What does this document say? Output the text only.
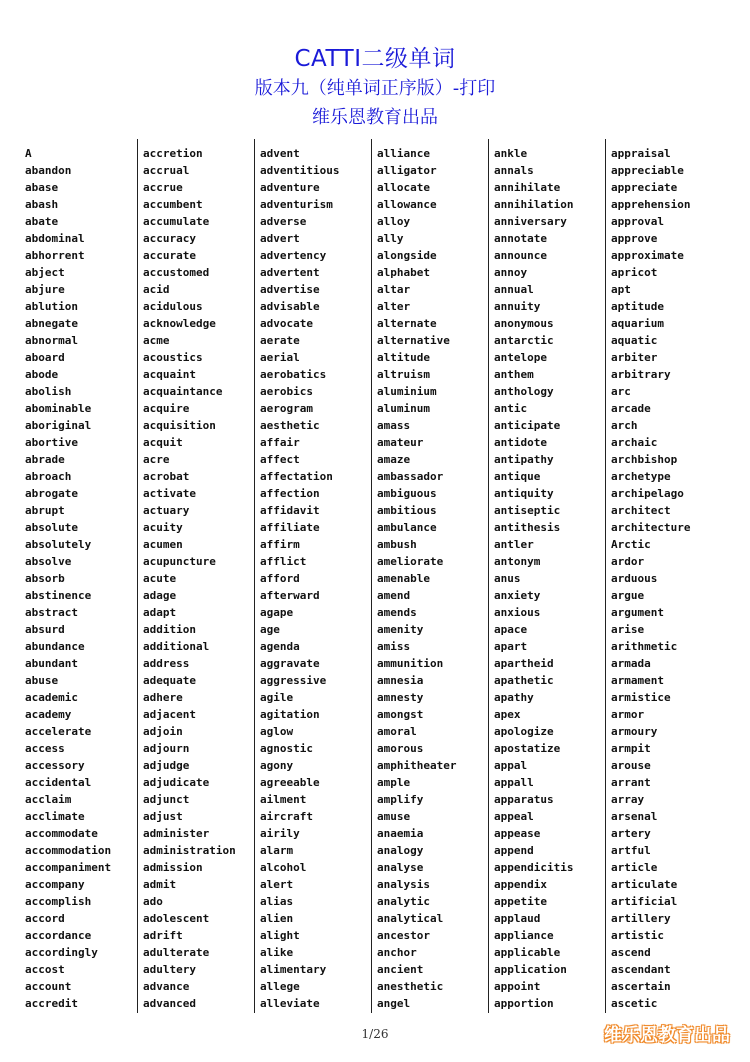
CATTI二级单词
版本九（纯单词正序版）-打印
维乐恩教育出品
A
abandon
abase
abash
abate
abdominal
abhorrent
abject
abjure
ablution
abnegate
abnormal
aboard
abode
abolish
abominable
aboriginal
abortive
abrade
abroach
abrogate
abrupt
absolute
absolutely
absolve
absorb
abstinence
abstract
absurd
abundance
abundant
abuse
academic
academy
accelerate
access
accessory
accidental
acclaim
acclimate
accommodate
accommodation
accompaniment
accompany
accomplish
accord
accordance
accordingly
accost
account
accredit
accretion
accrual
accrue
accumbent
accumulate
accuracy
accurate
accustomed
acid
acidulous
acknowledge
acme
acoustics
acquaint
acquaintance
acquire
acquisition
acquit
acre
acrobat
activate
actuary
acuity
acumen
acupuncture
acute
adage
adapt
addition
additional
address
adequate
adhere
adjacent
adjoin
adjourn
adjudge
adjudicate
adjunct
adjust
administer
administration
admission
admit
ado
adolescent
adrift
adulterate
adultery
advance
advanced
advent
adventitious
adventure
adventurism
adverse
advert
advertency
advertent
advertise
advisable
advocate
aerate
aerial
aerobatics
aerobics
aerogram
aesthetic
affair
affect
affectation
affection
affidavit
affiliate
affirm
afflict
afford
afterward
agape
age
agenda
aggravate
aggressive
agile
agitation
aglow
agnostic
agony
agreeable
ailment
aircraft
airily
alarm
alcohol
alert
alias
alien
alight
alike
alimentary
allege
alleviate
alliance
alligator
allocate
allowance
alloy
ally
alongside
alphabet
altar
alter
alternate
alternative
altitude
altruism
aluminium
aluminum
amass
amateur
amaze
ambassador
ambiguous
ambitious
ambulance
ambush
ameliorate
amenable
amend
amends
amenity
amiss
ammunition
amnesia
amnesty
amongst
amoral
amorous
amphitheater
ample
amplify
amuse
anaemia
analogy
analyse
analysis
analytic
analytical
ancestor
anchor
ancient
anesthetic
angel
ankle
annals
annihilate
annihilation
anniversary
annotate
announce
annoy
annual
annuity
anonymous
antarctic
antelope
anthem
anthology
antic
anticipate
antidote
antipathy
antique
antiquity
antiseptic
antithesis
antler
antonym
anus
anxiety
anxious
apace
apart
apartheid
apathetic
apathy
apex
apologize
apostatize
appal
appall
apparatus
appeal
appease
append
appendicitis
appendix
appetite
applaud
appliance
applicable
application
appoint
apportion
appraisal
appreciable
appreciate
apprehension
approval
approve
approximate
apricot
apt
aptitude
aquarium
aquatic
arbiter
arbitrary
arc
arcade
arch
archaic
archbishop
archetype
archipelago
architect
architecture
Arctic
ardor
arduous
argue
argument
arise
arithmetic
armada
armament
armistice
armor
armoury
armpit
arouse
arrant
array
arsenal
artery
artful
article
articulate
artificial
artillery
artistic
ascend
ascendant
ascertain
ascetic
1/26	维乐恩教育出品
